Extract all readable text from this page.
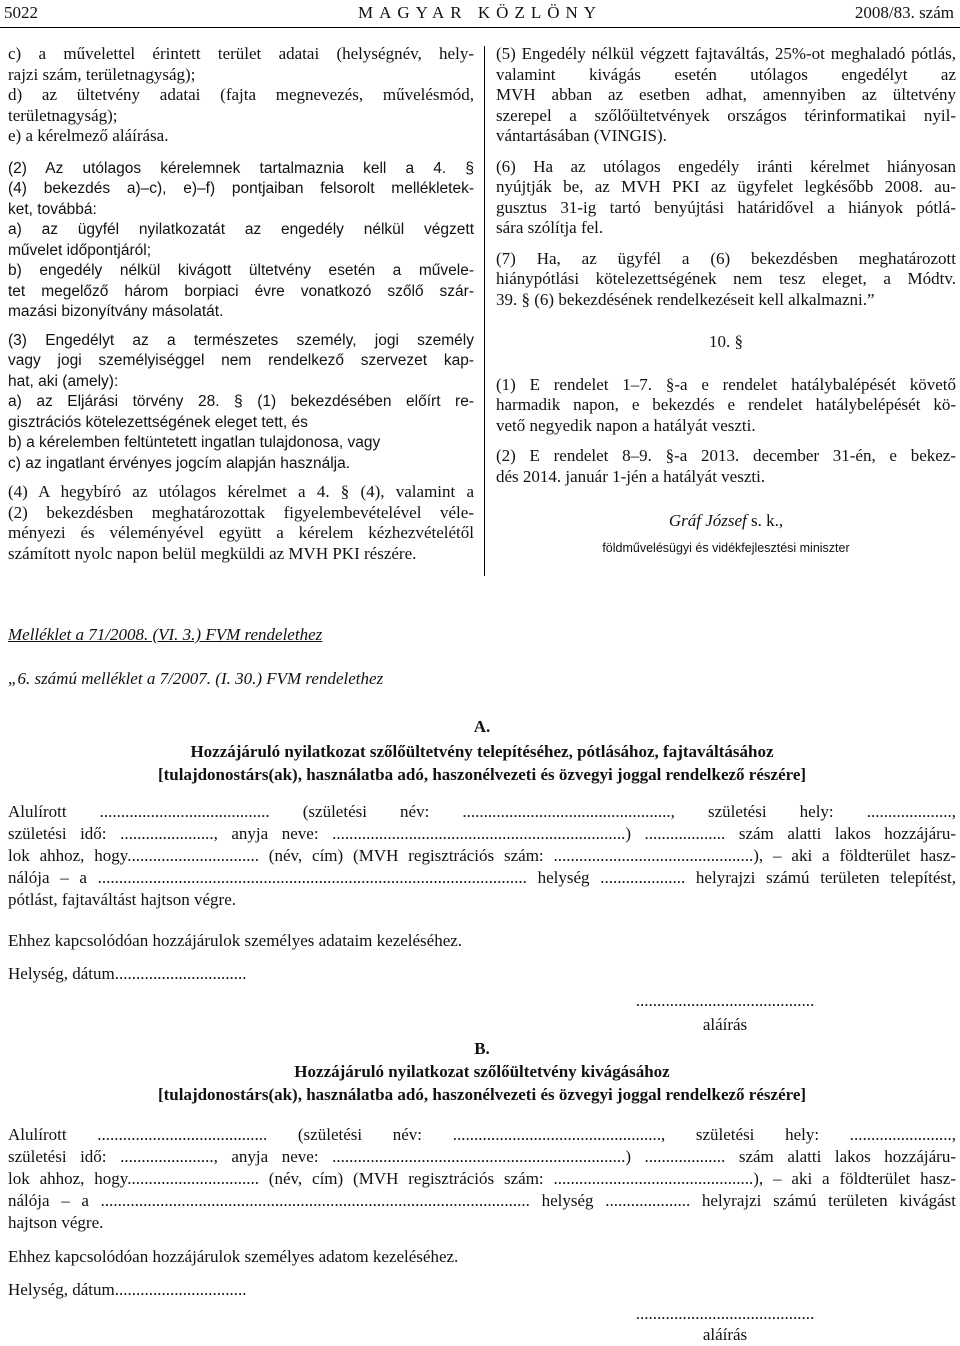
5022	MAGYAR KÖZLÖNY	2008/83. szám

c) a művelettel érintett terület adatai (helységnév, hely-

rajzi szám, területnagyság);

d) az ültetvény adatai (fajta megnevezés, művelésmód,

területnagyság);

e) a kérelmező aláírása.

(2) Az utólagos kérelemnek tartalmaznia kell a 4. §

(4) bekezdés a)–c), e)–f) pontjaiban felsorolt mellékletek-

ket, továbbá:

a) az ügyfél nyilatkozatát az engedély nélkül végzett

művelet időpontjáról;

b) engedély nélkül kivágott ültetvény esetén a művele-

tet megelőző három borpiaci évre vonatkozó szőlő szár-

mazási bizonyítvány másolatát.

(3) Engedélyt az a természetes személy, jogi személy

vagy jogi személyiséggel nem rendelkező szervezet kap-

hat, aki (amely):

a) az Eljárási törvény 28. § (1) bekezdésében előírt re-

gisztrációs kötelezettségének eleget tett, és

b) a kérelemben feltüntetett ingatlan tulajdonosa, vagy

c) az ingatlant érvényes jogcím alapján használja.

(4) A hegybíró az utólagos kérelmet a 4. § (4), valamint a

(2) bekezdésben meghatározottak figyelembevételével véle-

ményezi és véleményével együtt a kérelem kézhezvételétől

számított nyolc napon belül megküldi az MVH PKI részére.

(5) Engedély nélkül végzett fajtaváltás, 25%-ot meghaladó pótlás, valamint kivágás esetén utólagos engedélyt az

MVH abban az esetben adhat, amennyiben az ültetvény

szerepel a szőlőültetvények országos térinformatikai nyil-

vántartásában (VINGIS).

(6) Ha az utólagos engedély iránti kérelmet hiányosan

nyújtják be, az MVH PKI az ügyfelet legkésőbb 2008. au-

gusztus 31-ig tartó benyújtási határidővel a hiányok pótlá-

sára szólítja fel.

(7) Ha, az ügyfél a (6) bekezdésben meghatározott

hiánypótlási kötelezettségének nem tesz eleget, a Módtv.

39. § (6) bekezdésének rendelkezéseit kell alkalmazni.”

10. §

(1) E rendelet 1–7. §-a e rendelet hatálybalépését követő

harmadik napon, e bekezdés e rendelet hatálybelépését kö-

vető negyedik napon a hatályát veszti.

(2) E rendelet 8–9. §-a 2013. december 31-én, e bekez-

dés 2014. január 1-jén a hatályát veszti.

Gráf József s. k.,
földművelésügyi és vidékfejlesztési miniszter
Melléklet a 71/2008. (VI. 3.) FVM rendelethez
„6. számú melléklet a 7/2007. (I. 30.) FVM rendelethez
A.
Hozzájáruló nyilatkozat szőlőültetvény telepítéséhez, pótlásához, fajtaváltásához
[tulajdonostárs(ak), használatba adó, haszonélvezeti és özvegyi joggal rendelkező részére]

Alulírott ........................................ (születési név: ................................................., születési hely: ....................,

születési idő: ......................, anyja neve: .....................................................................) ................... szám alatti lakos hozzájáru-

lok ahhoz, hogy............................... (név, cím) (MVH regisztrációs szám: ...............................................), – aki a földterület hasz-

nálója – a ..................................................................................................... helység .................... helyrajzi számú területen telepítést,

pótlást, fajtaváltást hajtson végre.

Ehhez kapcsolódóan hozzájárulok személyes adataim kezeléséhez.
Helység, dátum...............................
..........................................
aláírás
B.
Hozzájáruló nyilatkozat szőlőültetvény kivágásához
[tulajdonostárs(ak), használatba adó, haszonélvezeti és özvegyi joggal rendelkező részére]

Alulírott ........................................ (születési név: ................................................., születési hely: ........................,

születési idő: ......................, anyja neve: .....................................................................) ................... szám alatti lakos hozzájáru-

lok ahhoz, hogy............................... (név, cím) (MVH regisztrációs szám: ...............................................), – aki a földterület hasz-

nálója – a ..................................................................................................... helység .................... helyrajzi számú területen kivágást

hajtson végre.

Ehhez kapcsolódóan hozzájárulok személyes adatom kezeléséhez.
Helység, dátum...............................
..........................................
aláírás
